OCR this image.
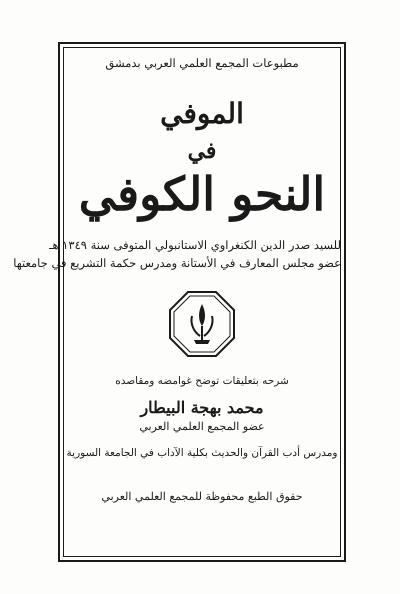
مطبوعات المجمع العلمي العربي بدمشق
الموفي
في
النحو الكوفي
للسيد صدر الدين الكنغراوي الاستانبولي المتوفى سنة ١٣٤٩ هـ
عضو مجلس المعارف في الأستانة ومدرس حكمة التشريع في جامعتها
شرحه بتعليقات توضح غوامضه ومقاصده
محمد بهجة البيطار
عضو المجمع العلمي العربي
ومدرس أدب القرآن والحديث بكلية الآداب في الجامعة السورية
حقوق الطبع محفوظة للمجمع العلمي العربي
